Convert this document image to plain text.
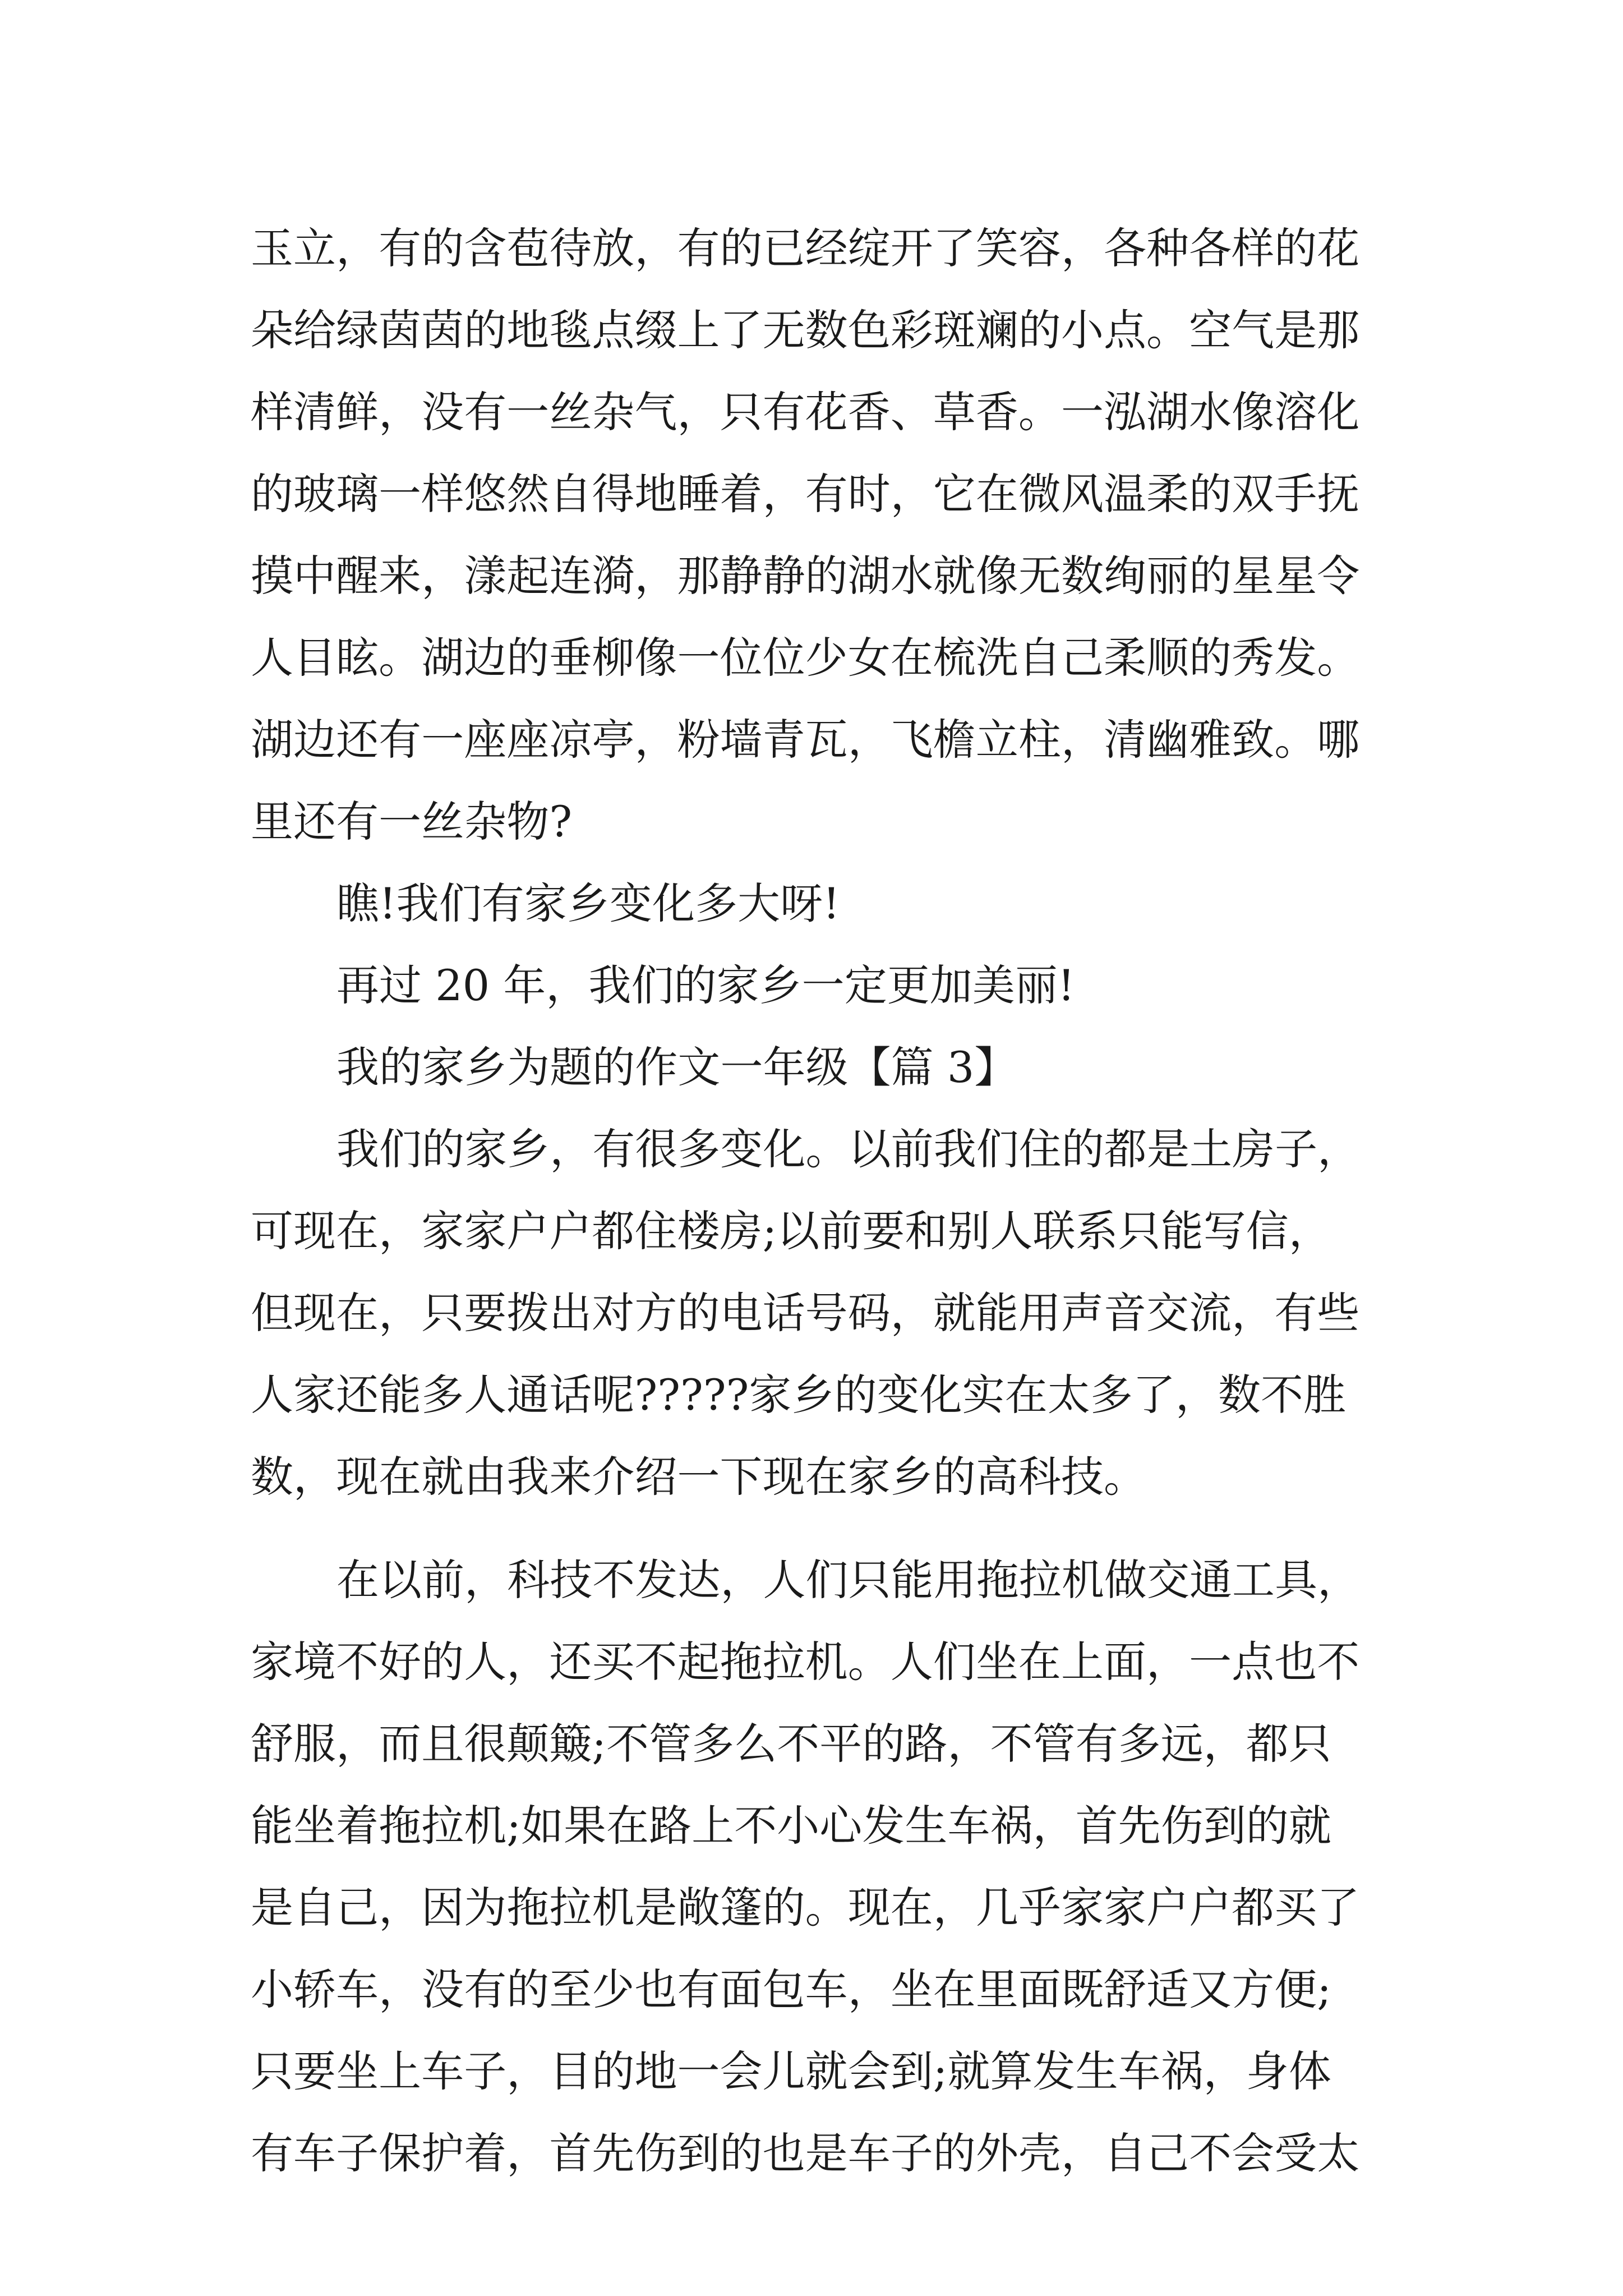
玉立，有的含苞待放，有的已经绽开了笑容，各种各样的花
朵给绿茵茵的地毯点缀上了无数色彩斑斓的小点。空气是那
样清鲜，没有一丝杂气，只有花香、草香。一泓湖水像溶化
的玻璃一样悠然自得地睡着，有时，它在微风温柔的双手抚
摸中醒来，漾起连漪，那静静的湖水就像无数绚丽的星星令
人目眩。湖边的垂柳像一位位少女在梳洗自己柔顺的秀发。
湖边还有一座座凉亭，粉墙青瓦，飞檐立柱，清幽雅致。哪
里还有一丝杂物?
瞧!我们有家乡变化多大呀!
再过 20 年，我们的家乡一定更加美丽!
我的家乡为题的作文一年级【篇 3】
我们的家乡，有很多变化。以前我们住的都是土房子，
可现在，家家户户都住楼房;以前要和别人联系只能写信，
但现在，只要拨出对方的电话号码，就能用声音交流，有些
人家还能多人通话呢?????家乡的变化实在太多了，数不胜
数，现在就由我来介绍一下现在家乡的高科技。
在以前，科技不发达，人们只能用拖拉机做交通工具，
家境不好的人，还买不起拖拉机。人们坐在上面，一点也不
舒服，而且很颠簸;不管多么不平的路，不管有多远，都只
能坐着拖拉机;如果在路上不小心发生车祸，首先伤到的就
是自己，因为拖拉机是敞篷的。现在，几乎家家户户都买了
小轿车，没有的至少也有面包车，坐在里面既舒适又方便;
只要坐上车子，目的地一会儿就会到;就算发生车祸，身体
有车子保护着，首先伤到的也是车子的外壳，自己不会受太
